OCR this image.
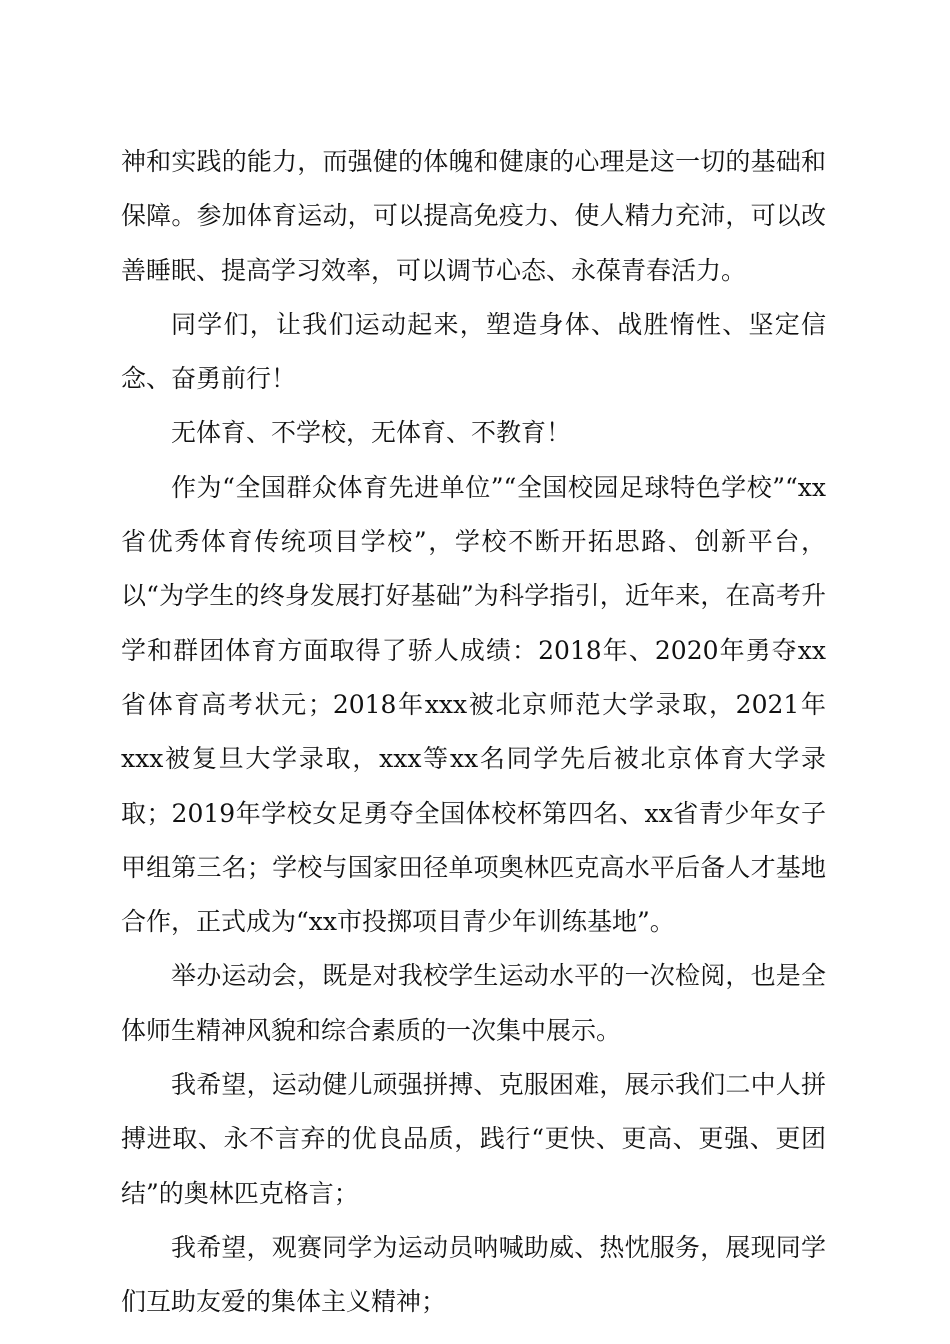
神和实践的能力，而强健的体魄和健康的心理是这一切的基础和保障。参加体育运动，可以提高免疫力、使人精力充沛，可以改善睡眠、提高学习效率，可以调节心态、永葆青春活力。

同学们，让我们运动起来，塑造身体、战胜惰性、坚定信念、奋勇前行！

无体育、不学校，无体育、不教育！

作为“全国群众体育先进单位”“全国校园足球特色学校”“xx省优秀体育传统项目学校”，学校不断开拓思路、创新平台，以“为学生的终身发展打好基础”为科学指引，近年来，在高考升学和群团体育方面取得了骄人成绩：2018年、2020年勇夺xx省体育高考状元；2018年xxx被北京师范大学录取，2021年xxx被复旦大学录取，xxx等xx名同学先后被北京体育大学录取；2019年学校女足勇夺全国体校杯第四名、xx省青少年女子甲组第三名；学校与国家田径单项奥林匹克高水平后备人才基地合作，正式成为“xx市投掷项目青少年训练基地”。

举办运动会，既是对我校学生运动水平的一次检阅，也是全体师生精神风貌和综合素质的一次集中展示。

我希望，运动健儿顽强拼搏、克服困难，展示我们二中人拼搏进取、永不言弃的优良品质，践行“更快、更高、更强、更团结”的奥林匹克格言；

我希望，观赛同学为运动员呐喊助威、热忱服务，展现同学们互助友爱的集体主义精神；
